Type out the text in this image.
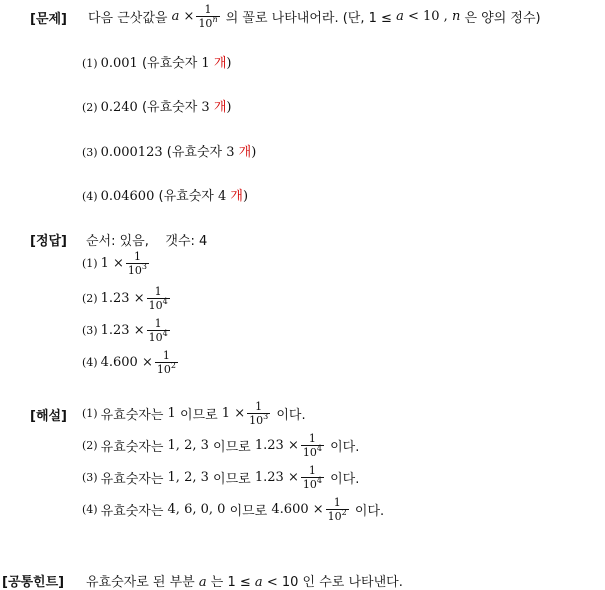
[문제] 다음 근삿값을
a
× $\frac{1}{10^n}$
의 꼴로 나타내어라. (단, 1 ≤
a
< 10 ,
n
은 양의 정수)
(1) 0.001 (유효숫자 1 개)
(2) 0.240 (유효숫자 3 개)
(3) 0.000123 (유효숫자 3 개)
(4) 0.04600 (유효숫자 4 개)
[정답] 순서: 있음, 갯수: 4
(1) 1
× $\frac{1}{10^3}$
(2) 1.23
× $\frac{1}{10^4}$
(3) 1.23
× $\frac{1}{10^4}$
(4) 4.600
× $\frac{1}{10^2}$
[해설] (1) 유효숫자는
1
이므로
1
× $\frac{1}{10^3}$
이다.
(2) 유효숫자는
1, 2, 3
이므로
1.23
× $\frac{1}{10^4}$
이다.
(3) 유효숫자는
1, 2, 3
이므로
1.23
× $\frac{1}{10^4}$
이다.
(4) 유효숫자는
4, 6, 0, 0
이므로
4.600
× $\frac{1}{10^2}$
이다.
[공통힌트] 유효숫자로 된 부분 a 는 1 ≤ a < 10 인 수로 나타낸다.
